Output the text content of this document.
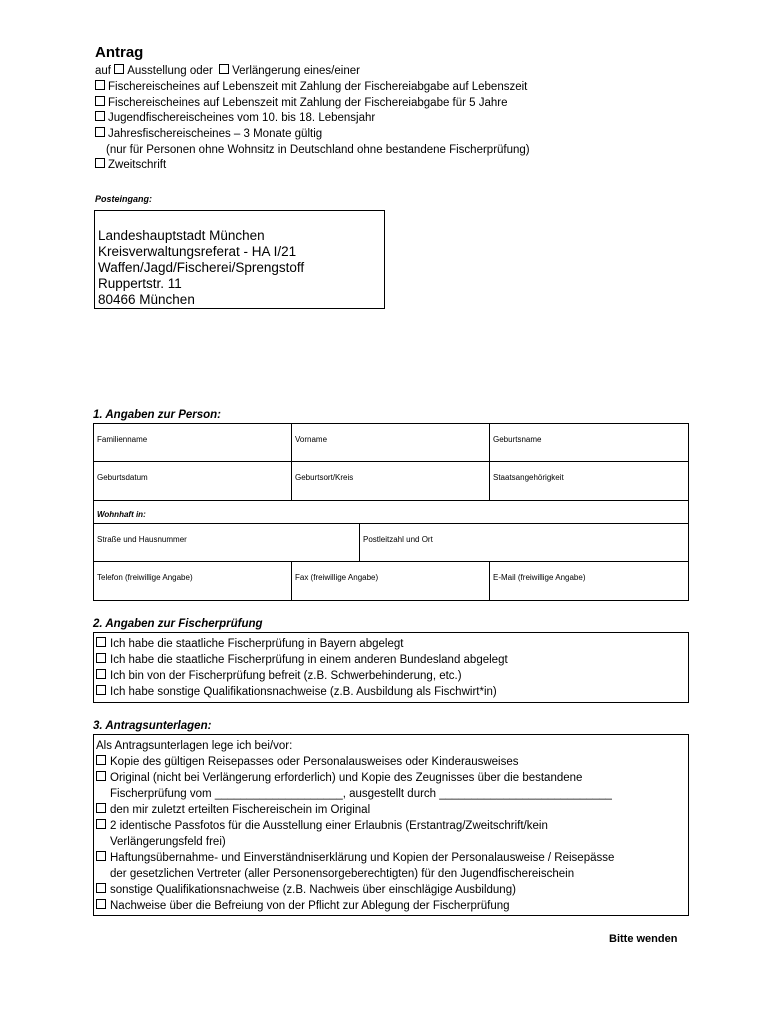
Antrag
auf Ausstellung oder Verlängerung eines/einer
Fischereischeines auf Lebenszeit mit Zahlung der Fischereiabgabe auf Lebenszeit
Fischereischeines auf Lebenszeit mit Zahlung der Fischereiabgabe für 5 Jahre
Jugendfischereischeines vom 10. bis 18. Lebensjahr
Jahresfischereischeines – 3 Monate gültig
(nur für Personen ohne Wohnsitz in Deutschland ohne bestandene Fischerprüfung)
Zweitschrift
Posteingang:
Landeshauptstadt München
Kreisverwaltungsreferat - HA I/21
Waffen/Jagd/Fischerei/Sprengstoff
Ruppertstr. 11
80466 München
1. Angaben zur Person:
Familienname	Vorname	Geburtsname
Geburtsdatum	Geburtsort/Kreis	Staatsangehörigkeit
Wohnhaft in:
Straße und Hausnummer	Postleitzahl und Ort
Telefon (freiwillige Angabe)	Fax (freiwillige Angabe)	E-Mail (freiwillige Angabe)
2. Angaben zur Fischerprüfung
Ich habe die staatliche Fischerprüfung in Bayern abgelegt
Ich habe die staatliche Fischerprüfung in einem anderen Bundesland abgelegt
Ich bin von der Fischerprüfung befreit (z.B. Schwerbehinderung, etc.)
Ich habe sonstige Qualifikationsnachweise (z.B. Ausbildung als Fischwirt*in)
3. Antragsunterlagen:
Als Antragsunterlagen lege ich bei/vor:
Kopie des gültigen Reisepasses oder Personalausweises oder Kinderausweises
Original (nicht bei Verlängerung erforderlich) und Kopie des Zeugnisses über die bestandene
Fischerprüfung vom ____________________, ausgestellt durch ___________________________
den mir zuletzt erteilten Fischereischein im Original
2 identische Passfotos für die Ausstellung einer Erlaubnis (Erstantrag/Zweitschrift/kein
Verlängerungsfeld frei)
Haftungsübernahme- und Einverständniserklärung und Kopien der Personalausweise / Reisepässe
der gesetzlichen Vertreter (aller Personensorgeberechtigten) für den Jugendfischereischein
sonstige Qualifikationsnachweise (z.B. Nachweis über einschlägige Ausbildung)
Nachweise über die Befreiung von der Pflicht zur Ablegung der Fischerprüfung
Bitte wenden
